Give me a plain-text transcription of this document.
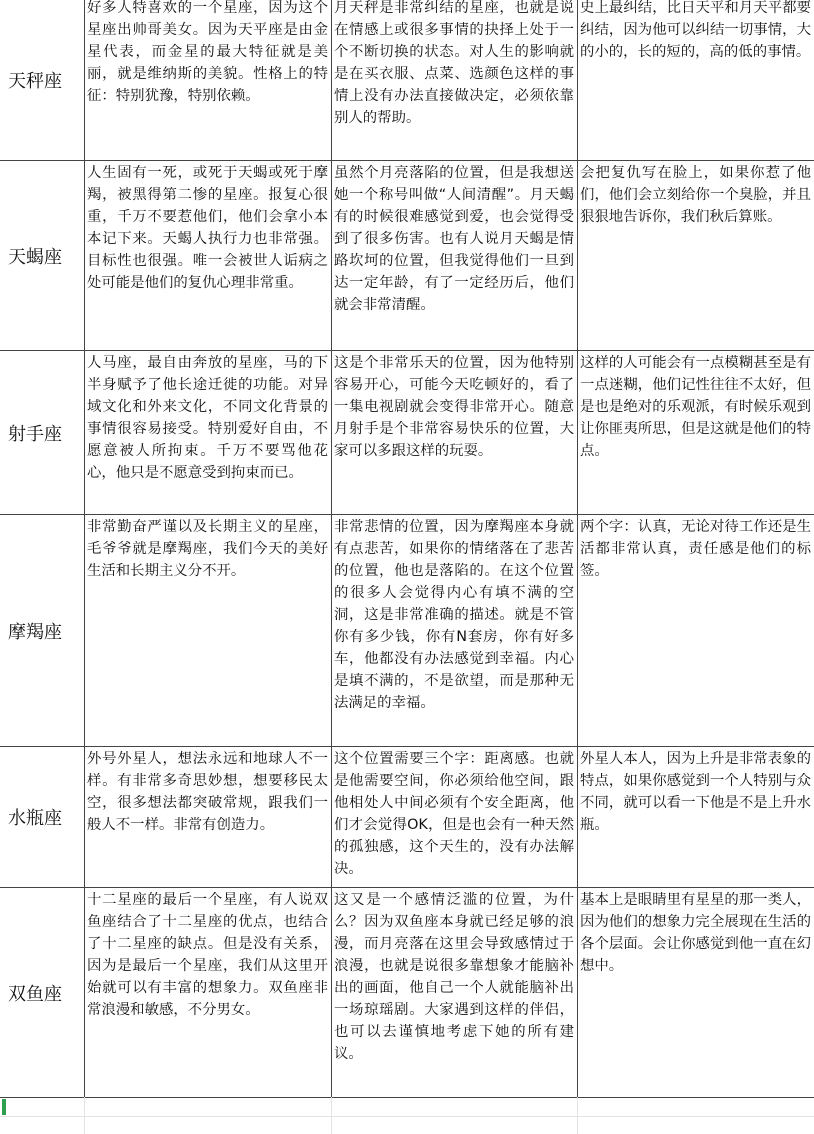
天秤座
好多人特喜欢的一个星座，因为这个星座出帅哥美女。因为天平座是由金星代表，而金星的最大特征就是美丽，就是维纳斯的美貌。性格上的特征：特别犹豫，特别依赖。
月天秤是非常纠结的星座，也就是说在情感上或很多事情的抉择上处于一个不断切换的状态。对人生的影响就是在买衣服、点菜、选颜色这样的事情上没有办法直接做决定，必须依靠别人的帮助。
史上最纠结，比日天平和月天平都要纠结，因为他可以纠结一切事情，大的小的，长的短的，高的低的事情。
天蝎座
人生固有一死，或死于天蝎或死于摩羯，被黑得第二惨的星座。报复心很重，千万不要惹他们，他们会拿小本本记下来。天蝎人执行力也非常强。目标性也很强。唯一会被世人诟病之处可能是他们的复仇心理非常重。
虽然个月亮落陷的位置，但是我想送她一个称号叫做“人间清醒”。月天蝎有的时候很难感觉到爱，也会觉得受到了很多伤害。也有人说月天蝎是情路坎坷的位置，但我觉得他们一旦到达一定年龄，有了一定经历后，他们就会非常清醒。
会把复仇写在脸上，如果你惹了他们，他们会立刻给你一个臭脸，并且狠狠地告诉你，我们秋后算账。
射手座
人马座，最自由奔放的星座，马的下半身赋予了他长途迁徙的功能。对异域文化和外来文化，不同文化背景的事情很容易接受。特别爱好自由，不愿意被人所拘束。千万不要骂他花心，他只是不愿意受到拘束而已。
这是个非常乐天的位置，因为他特别容易开心，可能今天吃顿好的，看了一集电视剧就会变得非常开心。随意月射手是个非常容易快乐的位置，大家可以多跟这样的玩耍。
这样的人可能会有一点模糊甚至是有一点迷糊，他们记性往往不太好，但是也是绝对的乐观派，有时候乐观到让你匪夷所思，但是这就是他们的特点。
摩羯座
非常勤奋严谨以及长期主义的星座，毛爷爷就是摩羯座，我们今天的美好生活和长期主义分不开。
非常悲情的位置，因为摩羯座本身就有点悲苦，如果你的情绪落在了悲苦的位置，他也是落陷的。在这个位置的很多人会觉得内心有填不满的空洞，这是非常准确的描述。就是不管你有多少钱，你有N套房，你有好多车，他都没有办法感觉到幸福。内心是填不满的，不是欲望，而是那种无法满足的幸福。
两个字：认真，无论对待工作还是生活都非常认真，责任感是他们的标签。
水瓶座
外号外星人，想法永远和地球人不一样。有非常多奇思妙想，想要移民太空，很多想法都突破常规，跟我们一般人不一样。非常有创造力。
这个位置需要三个字：距离感。也就是他需要空间，你必须给他空间，跟他相处人中间必须有个安全距离，他们才会觉得OK，但是也会有一种天然的孤独感，这个天生的，没有办法解决。
外星人本人，因为上升是非常表象的特点，如果你感觉到一个人特别与众不同，就可以看一下他是不是上升水瓶。
双鱼座
十二星座的最后一个星座，有人说双鱼座结合了十二星座的优点，也结合了十二星座的缺点。但是没有关系，因为是最后一个星座，我们从这里开始就可以有丰富的想象力。双鱼座非常浪漫和敏感，不分男女。
这又是一个感情泛滥的位置，为什么？因为双鱼座本身就已经足够的浪漫，而月亮落在这里会导致感情过于浪漫，也就是说很多靠想象才能脑补出的画面，他自己一个人就能脑补出一场琼瑶剧。大家遇到这样的伴侣，也可以去谨慎地考虑下她的所有建议。
基本上是眼睛里有星星的那一类人，因为他们的想象力完全展现在生活的各个层面。会让你感觉到他一直在幻想中。
